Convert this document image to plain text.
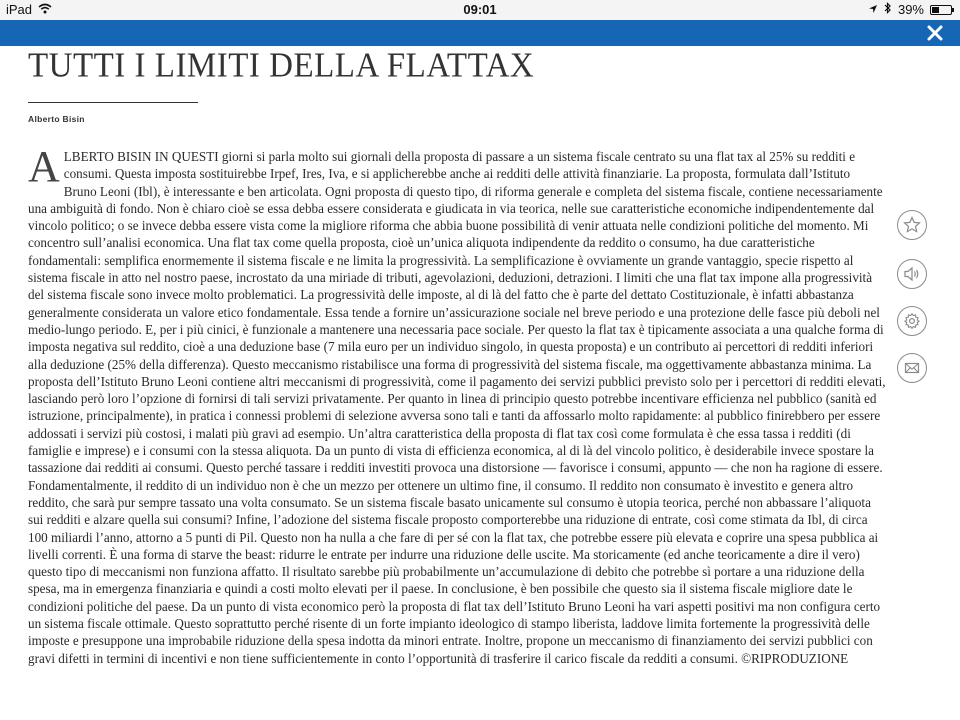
iPad	09:01	39%
TUTTI I LIMITI DELLA FLATTAX
Alberto Bisin

ALBERTO BISIN IN QUESTI giorni si parla molto sui giornali della proposta di passare a un sistema fiscale centrato su una flat tax al 25% su redditi e consumi. Questa imposta sostituirebbe Irpef, Ires, Iva, e si applicherebbe anche ai redditi delle attività finanziarie. La proposta, formulata dall’Istituto Bruno Leoni (Ibl), è interessante e ben articolata. Ogni proposta di questo tipo, di riforma generale e completa del sistema fiscale, contiene necessariamente una ambiguità di fondo. Non è chiaro cioè se essa debba essere considerata e giudicata in via teorica, nelle sue caratteristiche economiche indipendentemente dal vincolo politico; o se invece debba essere vista come la migliore riforma che abbia buone possibilità di venir attuata nelle condizioni politiche del momento. Mi concentro sull’analisi economica. Una flat tax come quella proposta, cioè un’unica aliquota indipendente da reddito o consumo, ha due caratteristiche fondamentali: semplifica enormemente il sistema fiscale e ne limita la progressività. La semplificazione è ovviamente un grande vantaggio, specie rispetto al sistema fiscale in atto nel nostro paese, incrostato da una miriade di tributi, agevolazioni, deduzioni, detrazioni. I limiti che una flat tax impone alla progressività del sistema fiscale sono invece molto problematici. La progressività delle imposte, al di là del fatto che è parte del dettato Costituzionale, è infatti abbastanza generalmente considerata un valore etico fondamentale. Essa tende a fornire un’assicurazione sociale nel breve periodo e una protezione delle fasce più deboli nel medio-lungo periodo. E, per i più cinici, è funzionale a mantenere una necessaria pace sociale. Per questo la flat tax è tipicamente associata a una qualche forma di imposta negativa sul reddito, cioè a una deduzione base (7 mila euro per un individuo singolo, in questa proposta) e un contributo ai percettori di redditi inferiori alla deduzione (25% della differenza). Questo meccanismo ristabilisce una forma di progressività del sistema fiscale, ma oggettivamente abbastanza minima. La proposta dell’Istituto Bruno Leoni contiene altri meccanismi di progressività, come il pagamento dei servizi pubblici previsto solo per i percettori di redditi elevati, lasciando però loro l’opzione di fornirsi di tali servizi privatamente. Per quanto in linea di principio questo potrebbe incentivare efficienza nel pubblico (sanità ed istruzione, principalmente), in pratica i connessi problemi di selezione avversa sono tali e tanti da affossarlo molto rapidamente: al pubblico finirebbero per essere addossati i servizi più costosi, i malati più gravi ad esempio. Un’altra caratteristica della proposta di flat tax così come formulata è che essa tassa i redditi (di famiglie e imprese) e i consumi con la stessa aliquota. Da un punto di vista di efficienza economica, al di là del vincolo politico, è desiderabile invece spostare la tassazione dai redditi ai consumi. Questo perché tassare i redditi investiti provoca una distorsione — favorisce i consumi, appunto — che non ha ragione di essere. Fondamentalmente, il reddito di un individuo non è che un mezzo per ottenere un ultimo fine, il consumo. Il reddito non consumato è investito e genera altro reddito, che sarà pur sempre tassato una volta consumato. Se un sistema fiscale basato unicamente sul consumo è utopia teorica, perché non abbassare l’aliquota sui redditi e alzare quella sui consumi? Infine, l’adozione del sistema fiscale proposto comporterebbe una riduzione di entrate, così come stimata da Ibl, di circa 100 miliardi l’anno, attorno a 5 punti di Pil. Questo non ha nulla a che fare di per sé con la flat tax, che potrebbe essere più elevata e coprire una spesa pubblica ai livelli correnti. È una forma di starve the beast: ridurre le entrate per indurre una riduzione delle uscite. Ma storicamente (ed anche teoricamente a dire il vero) questo tipo di meccanismi non funziona affatto. Il risultato sarebbe più probabilmente un’accumulazione di debito che potrebbe sì portare a una riduzione della spesa, ma in emergenza finanziaria e quindi a costi molto elevati per il paese. In conclusione, è ben possibile che questo sia il sistema fiscale migliore date le condizioni politiche del paese. Da un punto di vista economico però la proposta di flat tax dell’Istituto Bruno Leoni ha vari aspetti positivi ma non configura certo un sistema fiscale ottimale. Questo soprattutto perché risente di un forte impianto ideologico di stampo liberista, laddove limita fortemente la progressività delle imposte e presuppone una improbabile riduzione della spesa indotta da minori entrate. Inoltre, propone un meccanismo di finanziamento dei servizi pubblici con gravi difetti in termini di incentivi e non tiene sufficientemente in conto l’opportunità di trasferire il carico fiscale da redditi a consumi. ©RIPRODUZIONE
